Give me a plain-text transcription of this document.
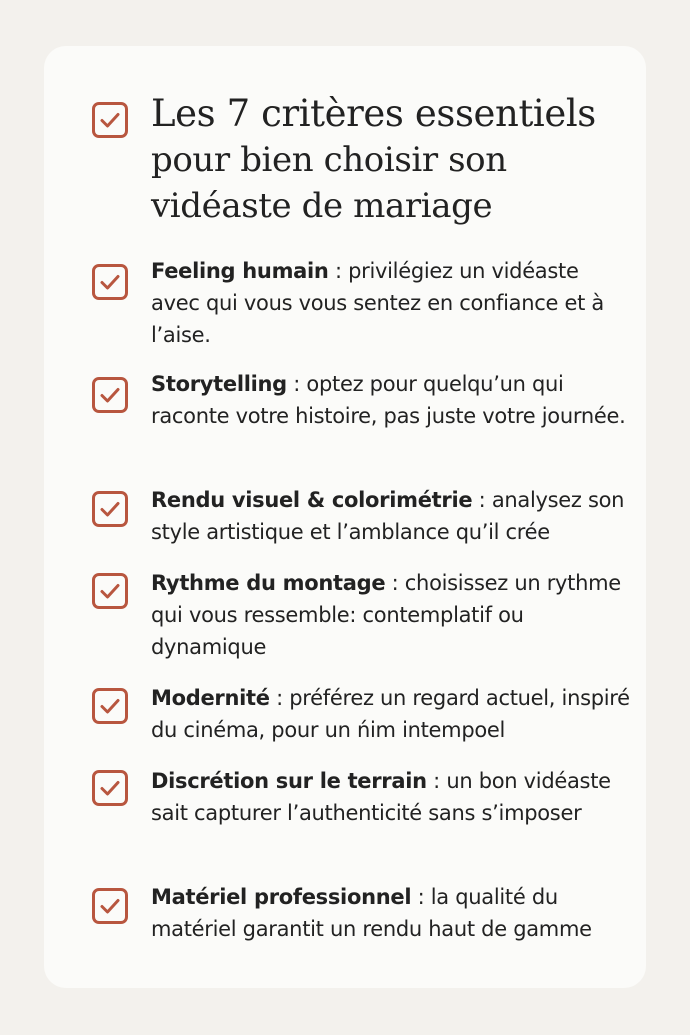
Les 7 critères essentiels
pour bien choisir son vidéaste de mariage

Feeling humain : privilégiez un vidéaste avec qui vous vous sentez en confiance et à l’aise.

Storytelling : optez pour quelqu’un qui raconte votre histoire, pas juste votre journée.

Rendu visuel & colorimétrie : analysez son style artistique et l’amblance qu’il crée

Rythme du montage : choisissez un rythme qui vous ressemble: contemplatif ou dynamique

Modernité : préférez un regard actuel, inspiré du cinéma, pour un ńim intempoel

Discrétion sur le terrain : un bon vidéaste sait capturer l’authenticité sans s’imposer

Matériel professionnel : la qualité du matériel garantit un rendu haut de gamme
